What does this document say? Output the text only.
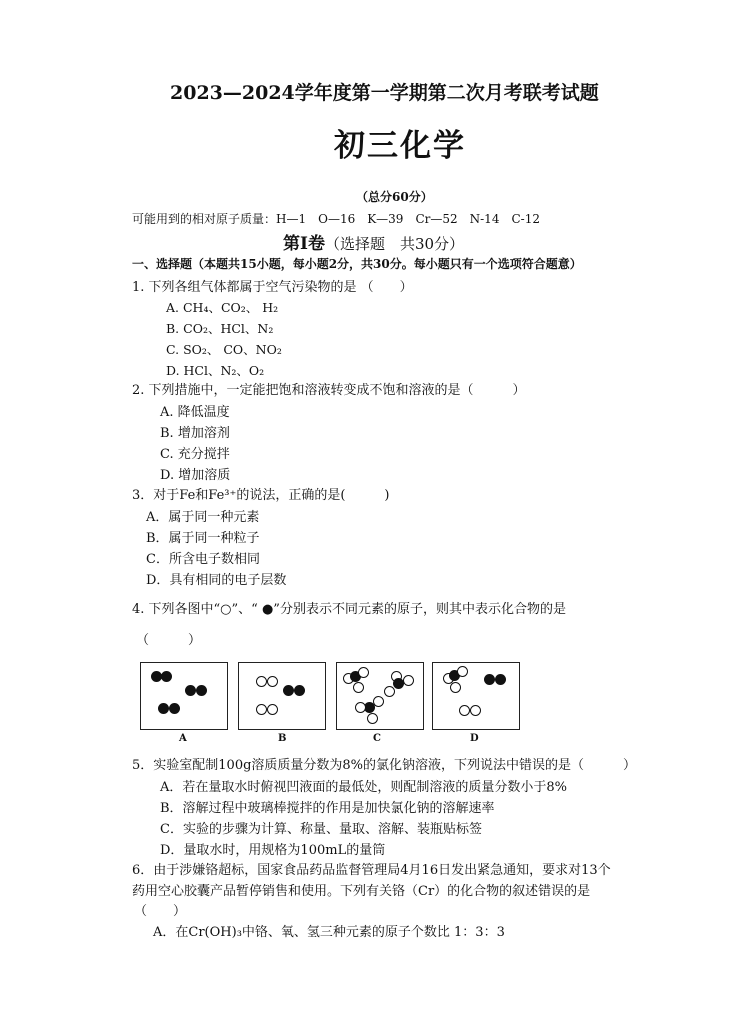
2023—2024学年度第一学期第二次月考联考试题
初三化学
（总分60分）
可能用到的相对原子质量：H—1　O—16　K—39　Cr—52　N-14　C-12
第Ⅰ卷（选择题　共30分）
一、选择题（本题共15小题，每小题2分，共30分。每小题只有一个选项符合题意）
1. 下列各组气体都属于空气污染物的是 （　　）
A. CH₄、CO₂、 H₂
B. CO₂、HCl、N₂
C. SO₂、 CO、NO₂
D. HCl、N₂、O₂
2. 下列措施中，一定能把饱和溶液转变成不饱和溶液的是（　　　）
A. 降低温度
B. 增加溶剂
C. 充分搅拌
D. 增加溶质
3．对于Fe和Fe³⁺的说法，正确的是(　　　)
A．属于同一种元素
B．属于同一种粒子
C．所含电子数相同
D．具有相同的电子层数
4. 下列各图中“○”、“ ●”分别表示不同元素的原子，则其中表示化合物的是
（　　　）
A	B	C	D
5．实验室配制100g溶质质量分数为8%的氯化钠溶液，下列说法中错误的是（　　　）
A．若在量取水时俯视凹液面的最低处，则配制溶液的质量分数小于8%
B．溶解过程中玻璃棒搅拌的作用是加快氯化钠的溶解速率
C．实验的步骤为计算、称量、量取、溶解、装瓶贴标签
D．量取水时，用规格为100mL的量筒
6．由于涉嫌铬超标，国家食品药品监督管理局4月16日发出紧急通知，要求对13个
药用空心胶囊产品暂停销售和使用。下列有关铬（Cr）的化合物的叙述错误的是
（　　）
A．在Cr(OH)₃中铬、氧、氢三种元素的原子个数比 1：3：3
